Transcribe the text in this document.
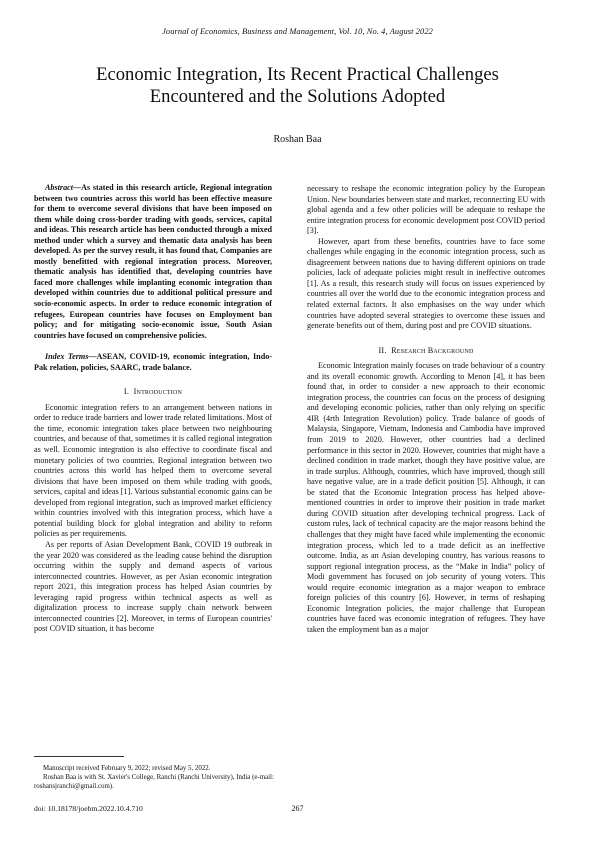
Journal of Economics, Business and Management, Vol. 10, No. 4, August 2022
Economic Integration, Its Recent Practical Challenges
Encountered and the Solutions Adopted
Roshan Baa

Abstract—As stated in this research article, Regional integration between two countries across this world has been effective measure for them to overcome several divisions that have been imposed on them while doing cross-border trading with goods, services, capital and ideas. This research article has been conducted through a mixed method under which a survey and thematic data analysis has been developed. As per the survey result, it has found that, Companies are mostly benefitted with regional integration process. Moreover, thematic analysis has identified that, developing countries have faced more challenges while implanting economic integration than developed within countries due to additional political pressure and socio-economic aspects. In order to reduce economic integration of refugees, European countries have focuses on Employment ban policy; and for mitigating socio-economic issue, South Asian countries have focused on comprehensive policies.

Index Terms—ASEAN, COVID-19, economic integration, Indo-Pak relation, policies, SAARC, trade balance.

I. Introduction

Economic integration refers to an arrangement between nations in order to reduce trade barriers and lower trade related limitations. Most of the time, economic integration takes place between two neighbouring countries, and because of that, sometimes it is called regional integration as well. Economic integration is also effective to coordinate fiscal and monetary policies of two countries. Regional integration between two countries across this world has helped them to overcome several divisions that have been imposed on them while trading with goods, services, capital and ideas [1]. Various substantial economic gains can be developed from regional integration, such as improved market efficiency within countries involved with this integration process, which have a potential building block for global integration and ability to reform policies as per requirements.

As per reports of Asian Development Bank, COVID 19 outbreak in the year 2020 was considered as the leading cause behind the disruption occurring within the supply and demand aspects of various interconnected countries. However, as per Asian economic integration report 2021, this integration process has helped Asian countries by leveraging rapid progress within technical aspects as well as digitalization process to increase supply chain network between interconnected countries [2]. Moreover, in terms of European countries' post COVID situation, it has become

necessary to reshape the economic integration policy by the European Union. New boundaries between state and market, reconnecting EU with global agenda and a few other policies will be adequate to reshape the entire integration process for economic development post COVID period [3].

However, apart from these benefits, countries have to face some challenges while engaging in the economic integration process, such as disagreement between nations due to having different opinions on trade policies, lack of adequate policies might result in ineffective outcomes [1]. As a result, this research study will focus on issues experienced by countries all over the world due to the economic integration process and related external factors. It also emphasises on the way under which countries have adopted several strategies to overcome these issues and generate benefits out of them, during post and pre COVID situations.

II. Research Background

Economic Integration mainly focuses on trade behaviour of a country and its overall economic growth. According to Menon [4], it has been found that, in order to consider a new approach to their economic integration process, the countries can focus on the process of designing and developing economic policies, rather than only relying on specific 4IR (4rth Integration Revolution) policy. Trade balance of goods of Malaysia, Singapore, Vietnam, Indonesia and Cambodia have improved from 2019 to 2020. However, other countries had a declined performance in this sector in 2020. However, countries that might have a declined condition in trade market, though they have positive value, are in trade surplus. Although, countries, which have improved, though still have negative value, are in a trade deficit position [5]. Although, it can be stated that the Economic Integration process has helped above-mentioned countries in order to improve their position in trade market during COVID situation after developing technical progress. Lack of custom rules, lack of technical capacity are the major reasons behind the challenges that they might have faced while implementing the economic integration process, which led to a trade deficit as an ineffective outcome. India, as an Asian developing country, has various reasons to support regional integration process, as the “Make in India” policy of Modi government has focused on job security of young voters. This would require economic integration as a major weapon to embrace foreign policies of this country [6]. However, in terms of reshaping Economic Integration policies, the major challenge that European countries have faced was economic integration of refugees. They have taken the employment ban as a major

Manuscript received February 9, 2022; revised May 5, 2022.
Roshan Baa is with St. Xavier's College, Ranchi (Ranchi University), India (e-mail: roshansjranchi@gmail.com).
doi: 10.18178/joebm.2022.10.4.710	267
